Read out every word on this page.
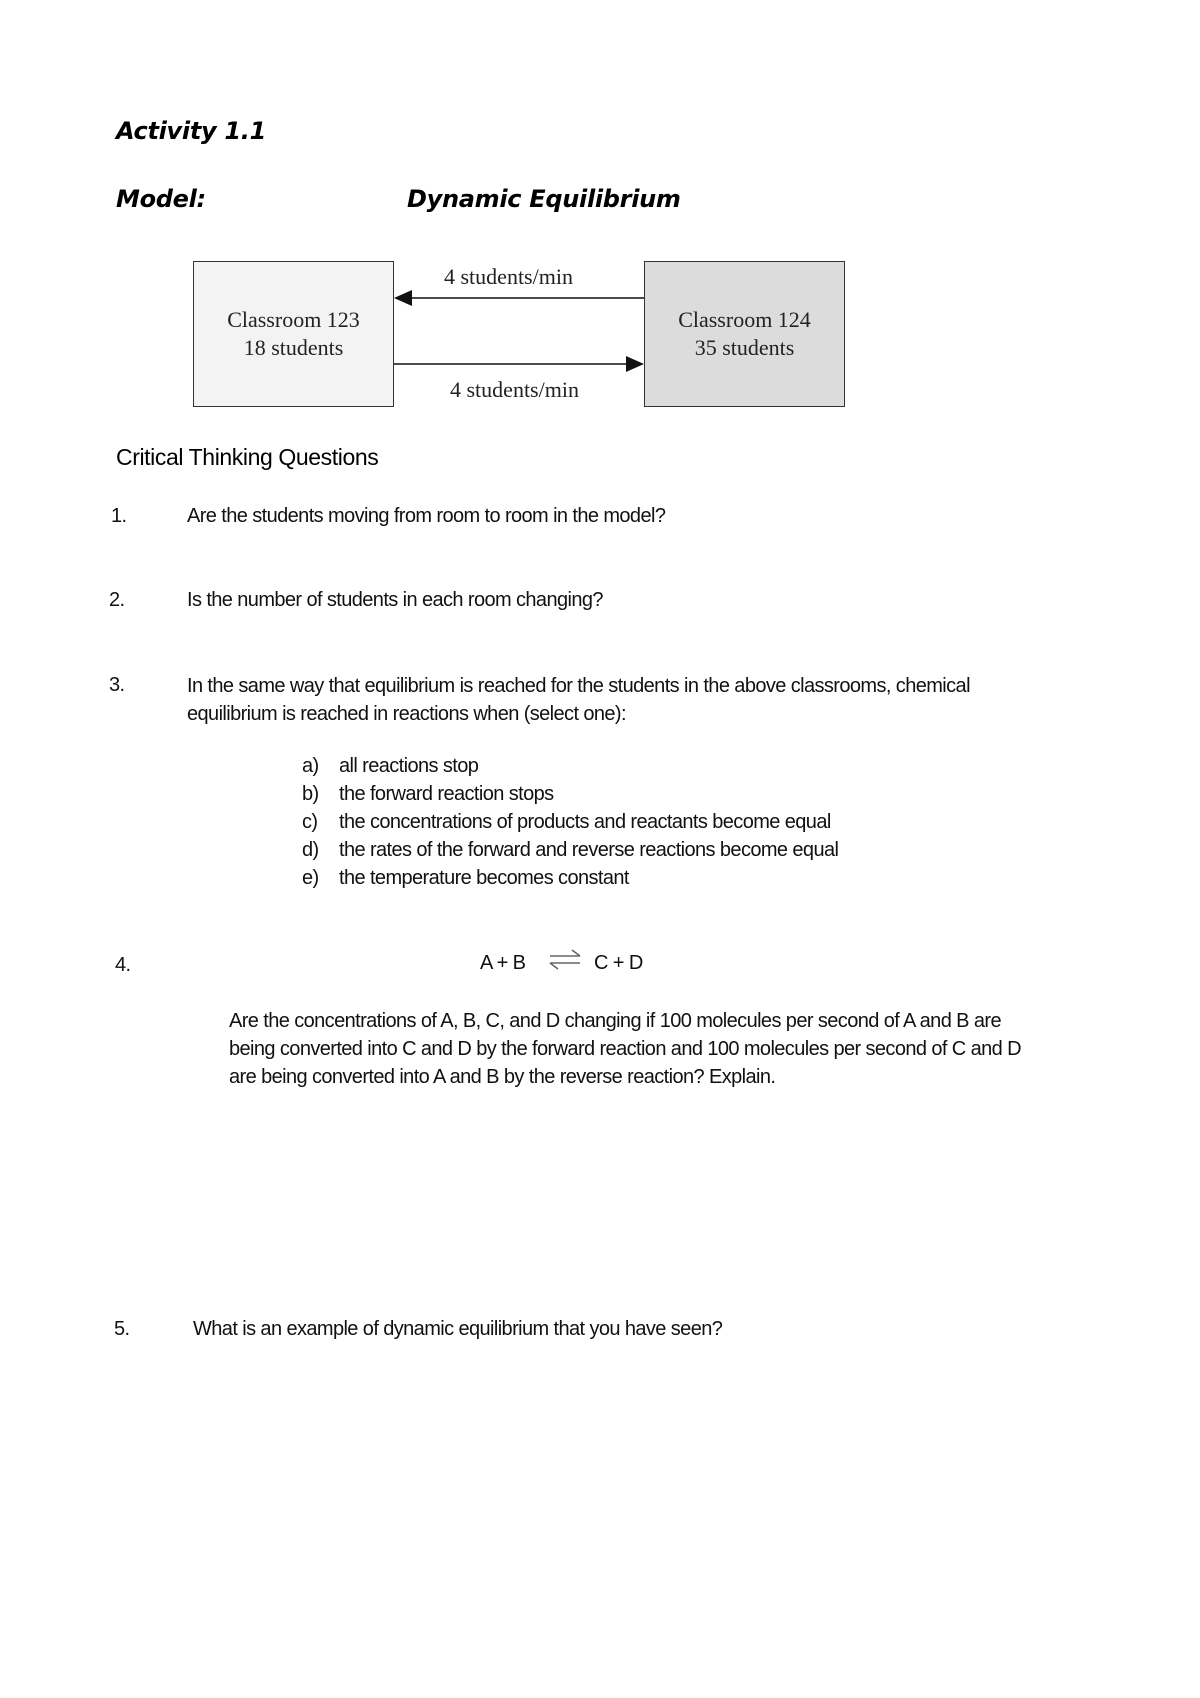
Activity 1.1
Model:	Dynamic Equilibrium
Classroom 123
18 students
Classroom 124
35 students
4 students/min
4 students/min
Critical Thinking Questions
1.	Are the students moving from room to room in the model?
2.	Is the number of students in each room changing?
3.	In the same way that equilibrium is reached for the students in the above classrooms, chemical
equilibrium is reached in reactions when (select one):
a)	all reactions stop
b)	the forward reaction stops
c)	the concentrations of products and reactants become equal
d)	the rates of the forward and reverse reactions become equal
e)	the temperature becomes constant
4.	A + B ⇌ C + D
Are the concentrations of A, B, C, and D changing if 100 molecules per second of A and B are
being converted into C and D by the forward reaction and 100 molecules per second of C and D
are being converted into A and B by the reverse reaction? Explain.
5.	What is an example of dynamic equilibrium that you have seen?
